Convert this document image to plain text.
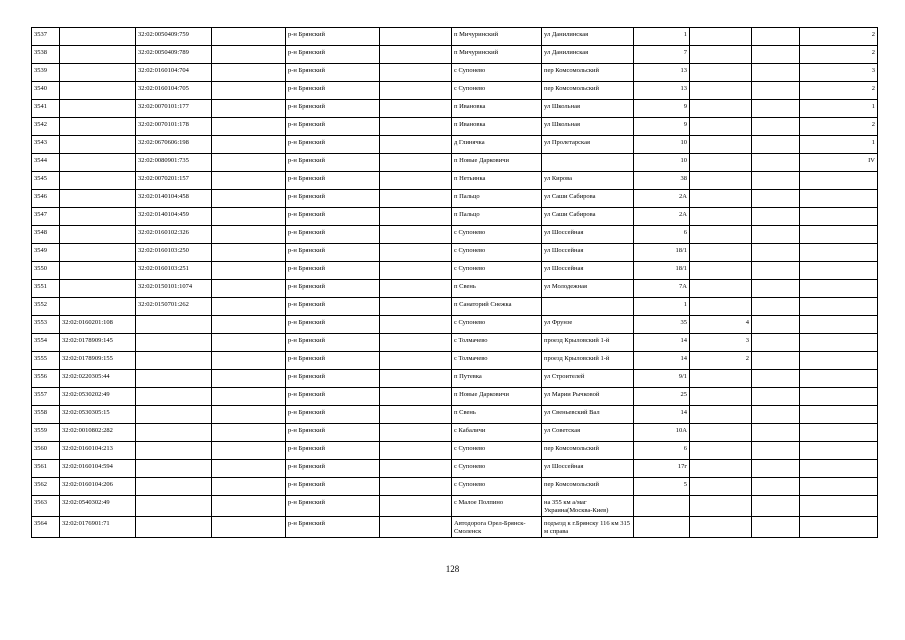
3537		32:02:0050409:759		р-н Брянский		п Мичуринский	ул Данилинская	1			2
3538		32:02:0050409:789		р-н Брянский		п Мичуринский	ул Данилинская	7			2
3539		32:02:0160104:704		р-н Брянский		с Супонево	пер Комсомольский	13			3
3540		32:02:0160104:705		р-н Брянский		с Супонево	пер Комсомольский	13			2
3541		32:02:0070101:177		р-н Брянский		п Ивановка	ул Школьная	9			1
3542		32:02:0070101:178		р-н Брянский		п Ивановка	ул Школьная	9			2
3543		32:02:0670606:198		р-н Брянский		д Глинячка	ул Пролетарская	10			1
3544		32:02:0080901:735		р-н Брянский		п Новые Дарковичи		10			IV
3545		32:02:0070201:157		р-н Брянский		п Нетьинка	ул Кирова	38			
3546		32:02:0140104:458		р-н Брянский		п Пальцо	ул Саши Сабирова	2А			
3547		32:02:0140104:459		р-н Брянский		п Пальцо	ул Саши Сабирова	2А			
3548		32:02:0160102:326		р-н Брянский		с Супонево	ул Шоссейная	6			
3549		32:02:0160103:250		р-н Брянский		с Супонево	ул Шоссейная	18/1			
3550		32:02:0160103:251		р-н Брянский		с Супонево	ул Шоссейная	18/1			
3551		32:02:0150101:1074		р-н Брянский		п Свень	ул Молодежная	7А			
3552		32:02:0150701:262		р-н Брянский		п Санаторий Снежка		1			
3553	32:02:0160201:108			р-н Брянский		с Супонево	ул Фрунзе	35	4		
3554	32:02:0178909:145			р-н Брянский		с Толмачево	проезд Крыловский 1-й	14	3		
3555	32:02:0178909:155			р-н Брянский		с Толмачево	проезд Крыловский 1-й	14	2		
3556	32:02:0220305:44			р-н Брянский		п Путевка	ул Строителей	9/1			
3557	32:02:0530202:49			р-н Брянский		п Новые Дарковичи	ул Марии Рычковой	25			
3558	32:02:0530305:15			р-н Брянский		п Свень	ул Свеньевский Вал	14			
3559	32:02:0010802:282			р-н Брянский		с Кабаличи	ул Советская	10А			
3560	32:02:0160104:213			р-н Брянский		с Супонево	пер Комсомольский	6			
3561	32:02:0160104:594			р-н Брянский		с Супонево	ул Шоссейная	17г			
3562	32:02:0160104:206			р-н Брянский		с Супонево	пер Комсомольский	5			
3563	32:02:0540302:49			р-н Брянский		с Малое Полпино	на 355 км а/маг Украина(Москва-Киев)				
3564	32:02:0176901:71			р-н Брянский		Автодорога Орел-Брянск-Смоленск	подъезд к г.Брянску 116 км 315 м справа				
128
